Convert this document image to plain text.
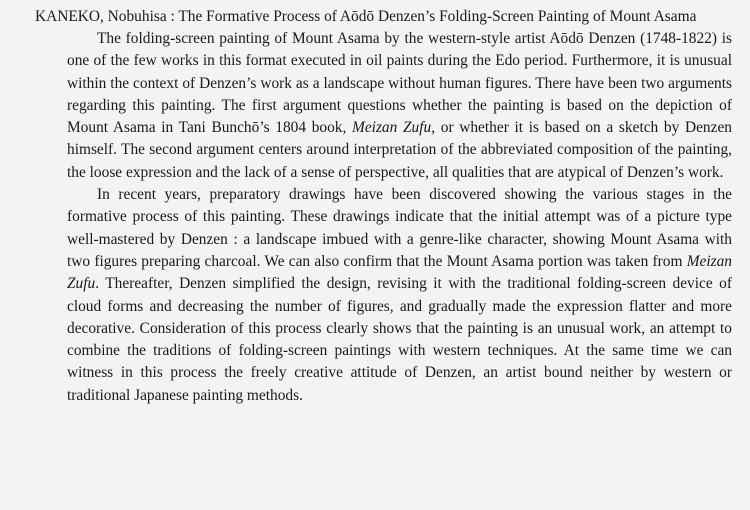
KANEKO, Nobuhisa : The Formative Process of Aōdō Denzen’s Folding-Screen Painting of Mount Asama

The folding-screen painting of Mount Asama by the western-style artist Aōdō Denzen (1748-1822) is one of the few works in this format executed in oil paints during the Edo period. Furthermore, it is unusual within the context of Denzen’s work as a landscape without human figures. There have been two arguments regarding this painting. The first argument questions whether the painting is based on the depiction of Mount Asama in Tani Bunchō’s 1804 book, Meizan Zufu, or whether it is based on a sketch by Denzen himself. The second argument centers around interpretation of the abbreviated composition of the painting, the loose expression and the lack of a sense of perspective, all qualities that are atypical of Denzen’s work.

In recent years, preparatory drawings have been discovered showing the various stages in the formative process of this painting. These drawings indicate that the initial attempt was of a picture type well-mastered by Denzen : a landscape imbued with a genre-like character, showing Mount Asama with two figures preparing charcoal. We can also confirm that the Mount Asama portion was taken from Meizan Zufu. Thereafter, Denzen simplified the design, revising it with the traditional folding-screen device of cloud forms and decreasing the number of figures, and gradually made the expression flatter and more decorative. Consideration of this process clearly shows that the painting is an unusual work, an attempt to combine the traditions of folding-screen paintings with western techniques. At the same time we can witness in this process the freely creative attitude of Denzen, an artist bound neither by western or traditional Japanese painting methods.
